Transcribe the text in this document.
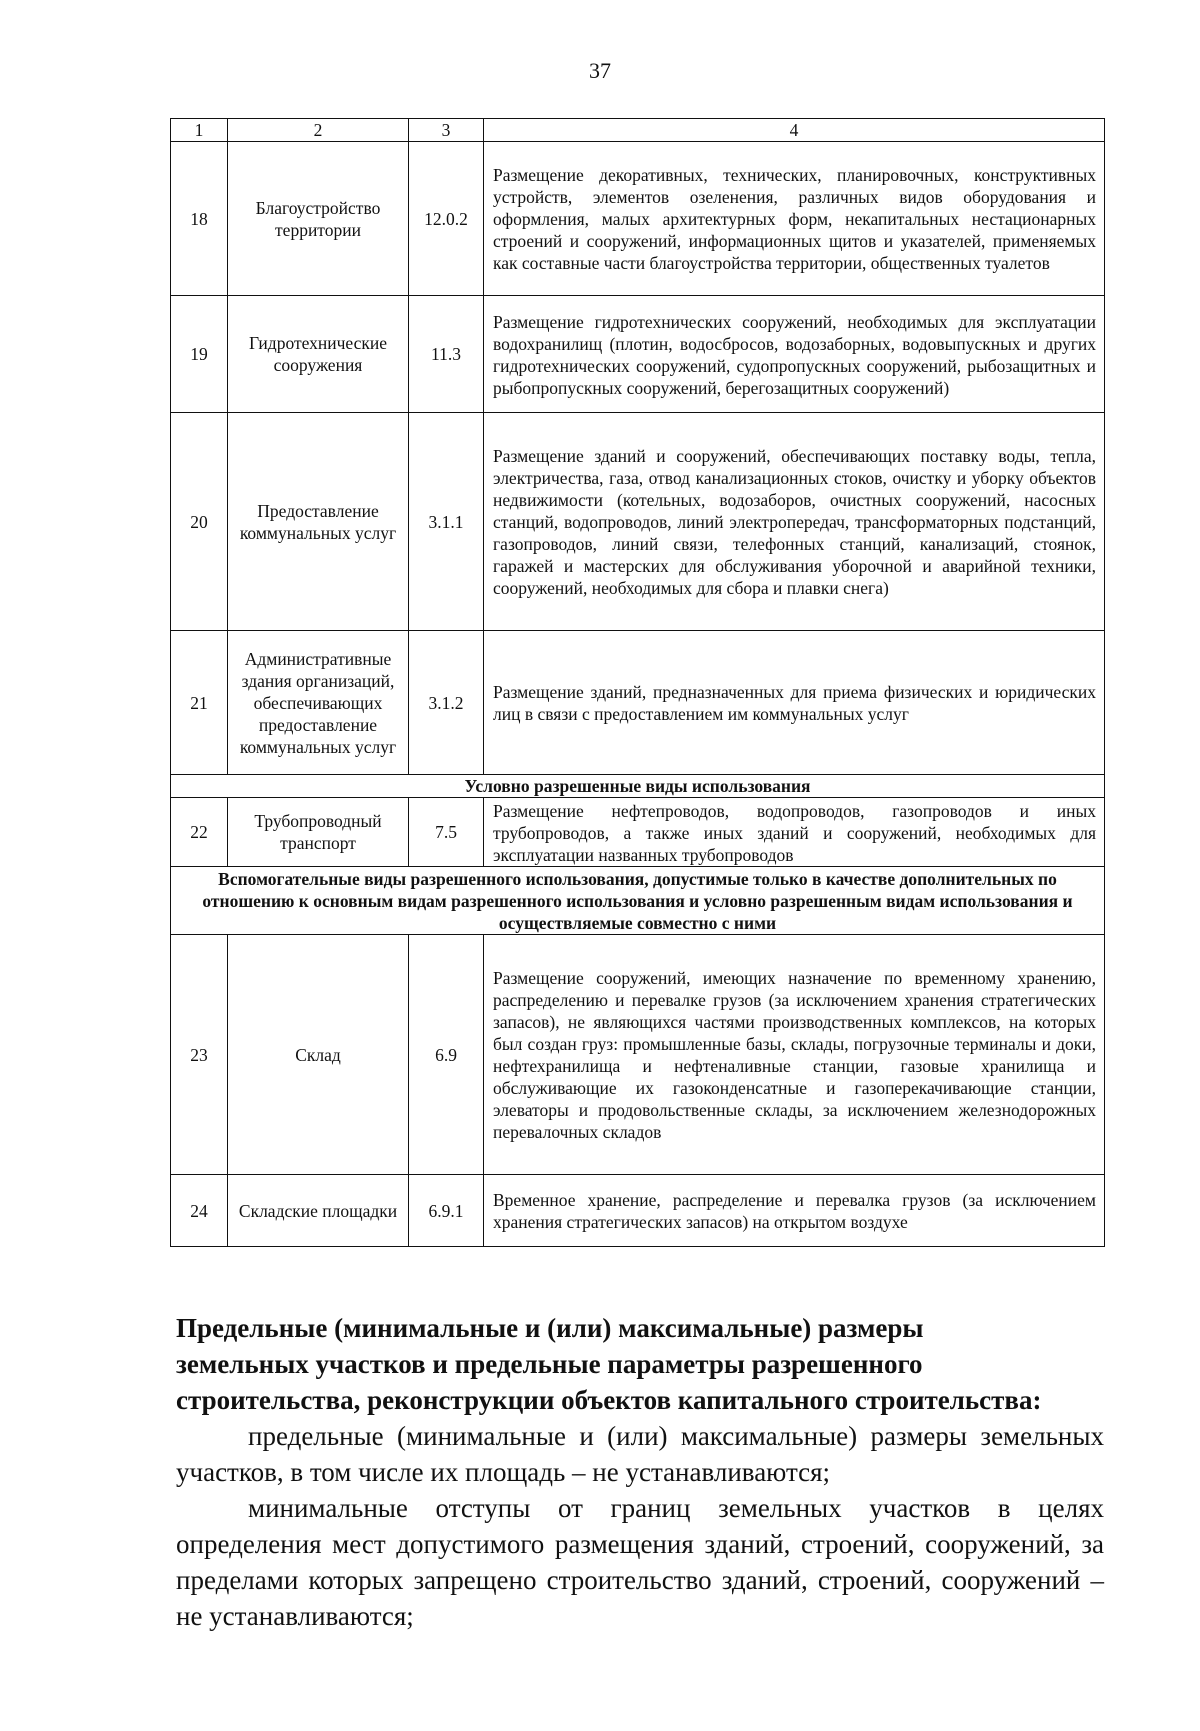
37
1	2	3	4
18	Благоустройство территории	12.0.2	Размещение декоративных, технических, планировочных, конструктивных устройств, элементов озеленения, различных видов оборудования и оформления, малых архитектурных форм, некапитальных нестационарных строений и сооружений, информационных щитов и указателей, применяемых как составные части благоустройства территории, общественных туалетов
19	Гидротехнические сооружения	11.3	Размещение гидротехнических сооружений, необходимых для эксплуатации водохранилищ (плотин, водосбросов, водозаборных, водовыпускных и других гидротехнических сооружений, судопропускных сооружений, рыбозащитных и рыбопропускных сооружений, берегозащитных сооружений)
20	Предоставление коммунальных услуг	3.1.1	Размещение зданий и сооружений, обеспечивающих поставку воды, тепла, электричества, газа, отвод канализационных стоков, очистку и уборку объектов недвижимости (котельных, водозаборов, очистных сооружений, насосных станций, водопроводов, линий электропередач, трансформаторных подстанций, газопроводов, линий связи, телефонных станций, канализаций, стоянок, гаражей и мастерских для обслуживания уборочной и аварийной техники, сооружений, необходимых для сбора и плавки снега)
21	Административные здания организаций, обеспечивающих предоставление коммунальных услуг	3.1.2	Размещение зданий, предназначенных для приема физических и юридических лиц в связи с предоставлением им коммунальных услуг
Условно разрешенные виды использования			
22	Трубопроводный транспорт	7.5	Размещение нефтепроводов, водопроводов, газопроводов и иных трубопроводов, а также иных зданий и сооружений, необходимых для эксплуатации названных трубопроводов
Вспомогательные виды разрешенного использования, допустимые только в качестве дополнительных по отношению к основным видам разрешенного использования и условно разрешенным видам использования и осуществляемые совместно с ними			
23	Склад	6.9	Размещение сооружений, имеющих назначение по временному хранению, распределению и перевалке грузов (за исключением хранения стратегических запасов), не являющихся частями производственных комплексов, на которых был создан груз: промышленные базы, склады, погрузочные терминалы и доки, нефтехранилища и нефтеналивные станции, газовые хранилища и обслуживающие их газоконденсатные и газоперекачивающие станции, элеваторы и продовольственные склады, за исключением железнодорожных перевалочных складов
24	Складские площадки	6.9.1	Временное хранение, распределение и перевалка грузов (за исключением хранения стратегических запасов) на открытом воздухе
Предельные (минимальные и (или) максимальные) размеры
земельных участков и предельные параметры разрешенного
строительства, реконструкции объектов капитального строительства:

предельные (минимальные и (или) максимальные) размеры земельных участков, в том числе их площадь – не устанавливаются;

минимальные отступы от границ земельных участков в целях определения мест допустимого размещения зданий, строений, сооружений, за пределами которых запрещено строительство зданий, строений, сооружений – не устанавливаются;
